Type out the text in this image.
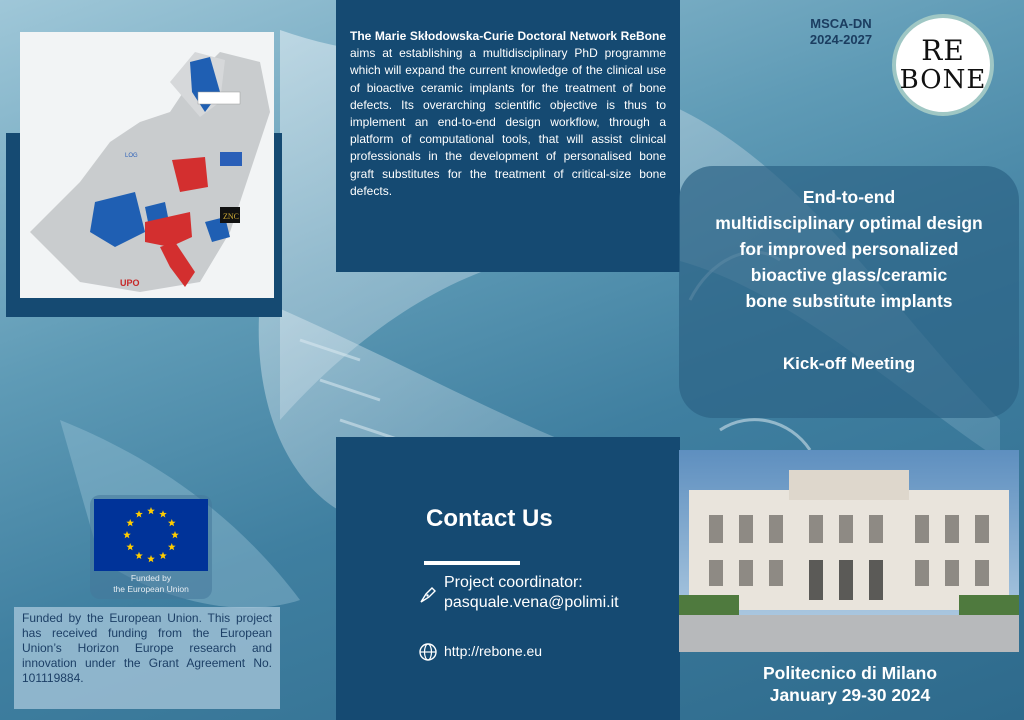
ZNC
UPO
LOG

The Marie Skłodowska-Curie Doctoral Network ReBone aims at establishing a multidisciplinary PhD programme which will expand the current knowledge of the clinical use of bioactive ceramic implants for the treatment of bone defects. Its overarching scientific objective is thus to implement an end-to-end design workflow, through a platform of computational tools, that will assist clinical professionals in the development of personalised bone graft substitutes for the treatment of critical-size bone defects.

MSCA-DN
2024-2027	RE
BONE
End-to-end
multidisciplinary optimal design
for improved personalized
bioactive glass/ceramic
bone substitute implants
Kick-off Meeting
Contact Us
Project coordinator:
pasquale.vena@polimi.it
http://rebone.eu
Politecnico di Milano
January 29-30 2024
Funded by
the European Union
Funded by the European Union. This project has received funding from the European Union’s Horizon Europe research and innovation under the Grant Agreement No. 101119884.
